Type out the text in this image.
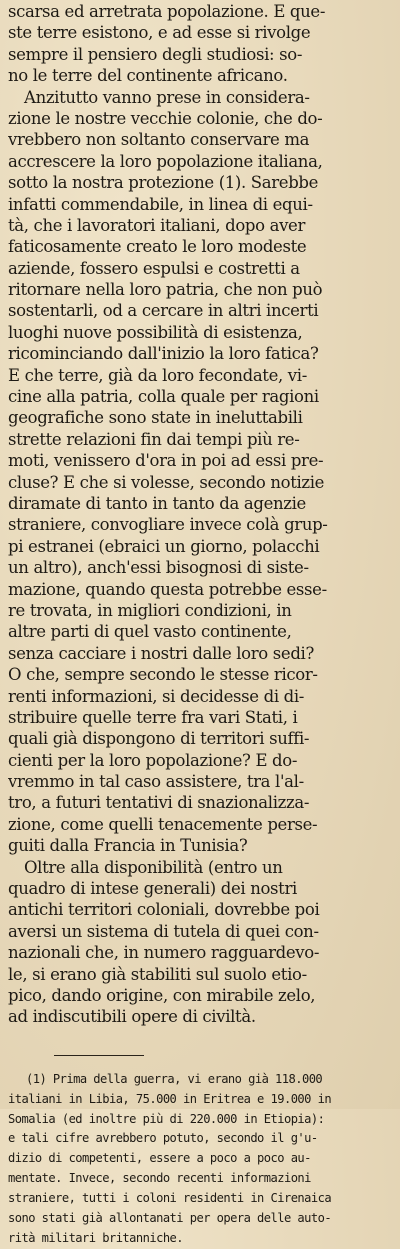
scarsa ed arretrata popolazione. E que-
ste terre esistono, e ad esse si rivolge
sempre il pensiero degli studiosi: so-
no le terre del continente africano.
Anzitutto vanno prese in considera-
zione le nostre vecchie colonie, che do-
vrebbero non soltanto conservare ma
accrescere la loro popolazione italiana,
sotto la nostra protezione (1). Sarebbe
infatti commendabile, in linea di equi-
tà, che i lavoratori italiani, dopo aver
faticosamente creato le loro modeste
aziende, fossero espulsi e costretti a
ritornare nella loro patria, che non può
sostentarli, od a cercare in altri incerti
luoghi nuove possibilità di esistenza,
ricominciando dall'inizio la loro fatica?
E che terre, già da loro fecondate, vi-
cine alla patria, colla quale per ragioni
geografiche sono state in ineluttabili
strette relazioni fin dai tempi più re-
moti, venissero d'ora in poi ad essi pre-
cluse? E che si volesse, secondo notizie
diramate di tanto in tanto da agenzie
straniere, convogliare invece colà grup-
pi estranei (ebraici un giorno, polacchi
un altro), anch'essi bisognosi di siste-
mazione, quando questa potrebbe esse-
re trovata, in migliori condizioni, in
altre parti di quel vasto continente,
senza cacciare i nostri dalle loro sedi?
O che, sempre secondo le stesse ricor-
renti informazioni, si decidesse di di-
stribuire quelle terre fra vari Stati, i
quali già dispongono di territori suffi-
cienti per la loro popolazione? E do-
vremmo in tal caso assistere, tra l'al-
tro, a futuri tentativi di snazionalizza-
zione, come quelli tenacemente perse-
guiti dalla Francia in Tunisia?
Oltre alla disponibilità (entro un
quadro di intese generali) dei nostri
antichi territori coloniali, dovrebbe poi
aversi un sistema di tutela di quei con-
nazionali che, in numero ragguardevo-
le, si erano già stabiliti sul suolo etio-
pico, dando origine, con mirabile zelo,
ad indiscutibili opere di civiltà.
(1) Prima della guerra, vi erano già 118.000
italiani in Libia, 75.000 in Eritrea e 19.000 in
Somalia (ed inoltre più di 220.000 in Etiopia):
e tali cifre avrebbero potuto, secondo il g'u-
dizio di competenti, essere a poco a poco au-
mentate. Invece, secondo recenti informazioni
straniere, tutti i coloni residenti in Cirenaica
sono stati già allontanati per opera delle auto-
rità militari britanniche.
